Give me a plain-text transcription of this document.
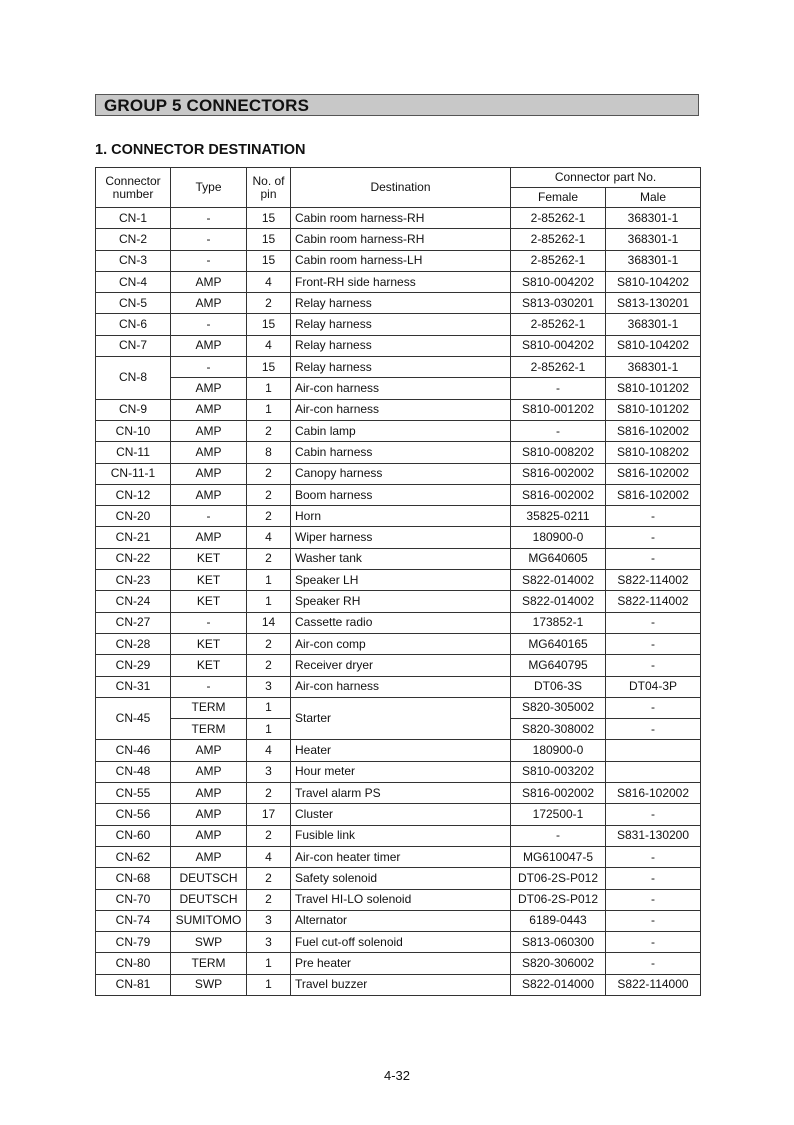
GROUP 5 CONNECTORS
1. CONNECTOR DESTINATION
Connector number	Type	No. of pin	Destination	Connector part No.	
				Female	Male
CN-1	-	15	Cabin room harness-RH	2-85262-1	368301-1
CN-2	-	15	Cabin room harness-RH	2-85262-1	368301-1
CN-3	-	15	Cabin room harness-LH	2-85262-1	368301-1
CN-4	AMP	4	Front-RH side harness	S810-004202	S810-104202
CN-5	AMP	2	Relay harness	S813-030201	S813-130201
CN-6	-	15	Relay harness	2-85262-1	368301-1
CN-7	AMP	4	Relay harness	S810-004202	S810-104202
CN-8	-	15	Relay harness	2-85262-1	368301-1
	AMP	1	Air-con harness	-	S810-101202
CN-9	AMP	1	Air-con harness	S810-001202	S810-101202
CN-10	AMP	2	Cabin lamp	-	S816-102002
CN-11	AMP	8	Cabin harness	S810-008202	S810-108202
CN-11-1	AMP	2	Canopy harness	S816-002002	S816-102002
CN-12	AMP	2	Boom harness	S816-002002	S816-102002
CN-20	-	2	Horn	35825-0211	-
CN-21	AMP	4	Wiper harness	180900-0	-
CN-22	KET	2	Washer tank	MG640605	-
CN-23	KET	1	Speaker LH	S822-014002	S822-114002
CN-24	KET	1	Speaker RH	S822-014002	S822-114002
CN-27	-	14	Cassette radio	173852-1	-
CN-28	KET	2	Air-con comp	MG640165	-
CN-29	KET	2	Receiver dryer	MG640795	-
CN-31	-	3	Air-con harness	DT06-3S	DT04-3P
CN-45	TERM	1	Starter	S820-305002	-
	TERM	1		S820-308002	-
CN-46	AMP	4	Heater	180900-0	
CN-48	AMP	3	Hour meter	S810-003202	
CN-55	AMP	2	Travel alarm PS	S816-002002	S816-102002
CN-56	AMP	17	Cluster	172500-1	-
CN-60	AMP	2	Fusible link	-	S831-130200
CN-62	AMP	4	Air-con heater timer	MG610047-5	-
CN-68	DEUTSCH	2	Safety solenoid	DT06-2S-P012	-
CN-70	DEUTSCH	2	Travel HI-LO solenoid	DT06-2S-P012	-
CN-74	SUMITOMO	3	Alternator	6189-0443	-
CN-79	SWP	3	Fuel cut-off solenoid	S813-060300	-
CN-80	TERM	1	Pre heater	S820-306002	-
CN-81	SWP	1	Travel buzzer	S822-014000	S822-114000
4-32
